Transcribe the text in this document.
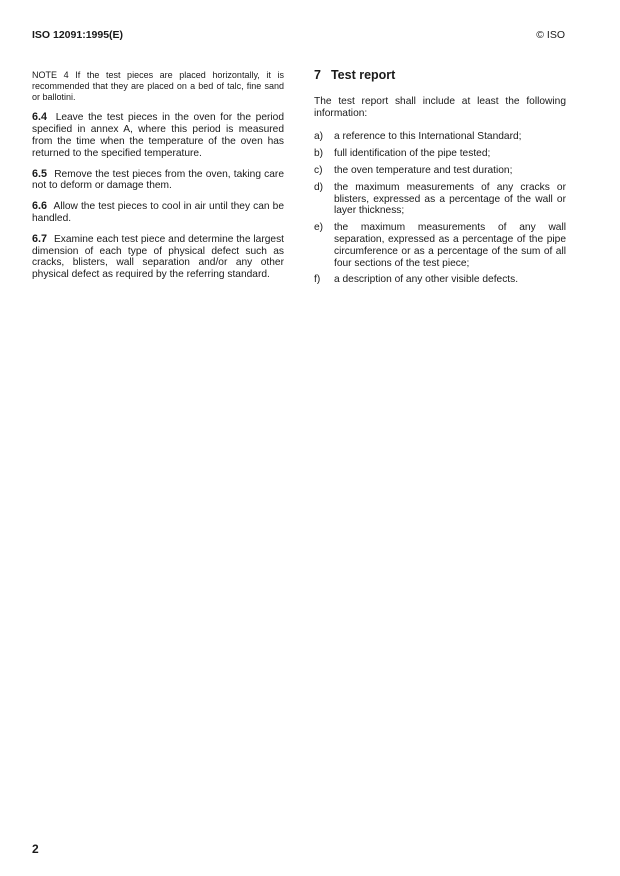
ISO 12091:1995(E)	© ISO

NOTE 4 If the test pieces are placed horizontally, it is recommended that they are placed on a bed of talc, fine sand or ballotini.

6.4 Leave the test pieces in the oven for the period specified in annex A, where this period is measured from the time when the temperature of the oven has returned to the specified temperature.

6.5 Remove the test pieces from the oven, taking care not to deform or damage them.

6.6 Allow the test pieces to cool in air until they can be handled.

6.7 Examine each test piece and determine the largest dimension of each type of physical defect such as cracks, blisters, wall separation and/or any other physical defect as required by the referring standard.

7 Test report

The test report shall include at least the following information:

a)	a reference to this International Standard;
b)	full identification of the pipe tested;
c)	the oven temperature and test duration;
d)	the maximum measurements of any cracks or blisters, expressed as a percentage of the wall or layer thickness;
e)	the maximum measurements of any wall separation, expressed as a percentage of the pipe circumference or as a percentage of the sum of all four sections of the test piece;
f)	a description of any other visible defects.
2
